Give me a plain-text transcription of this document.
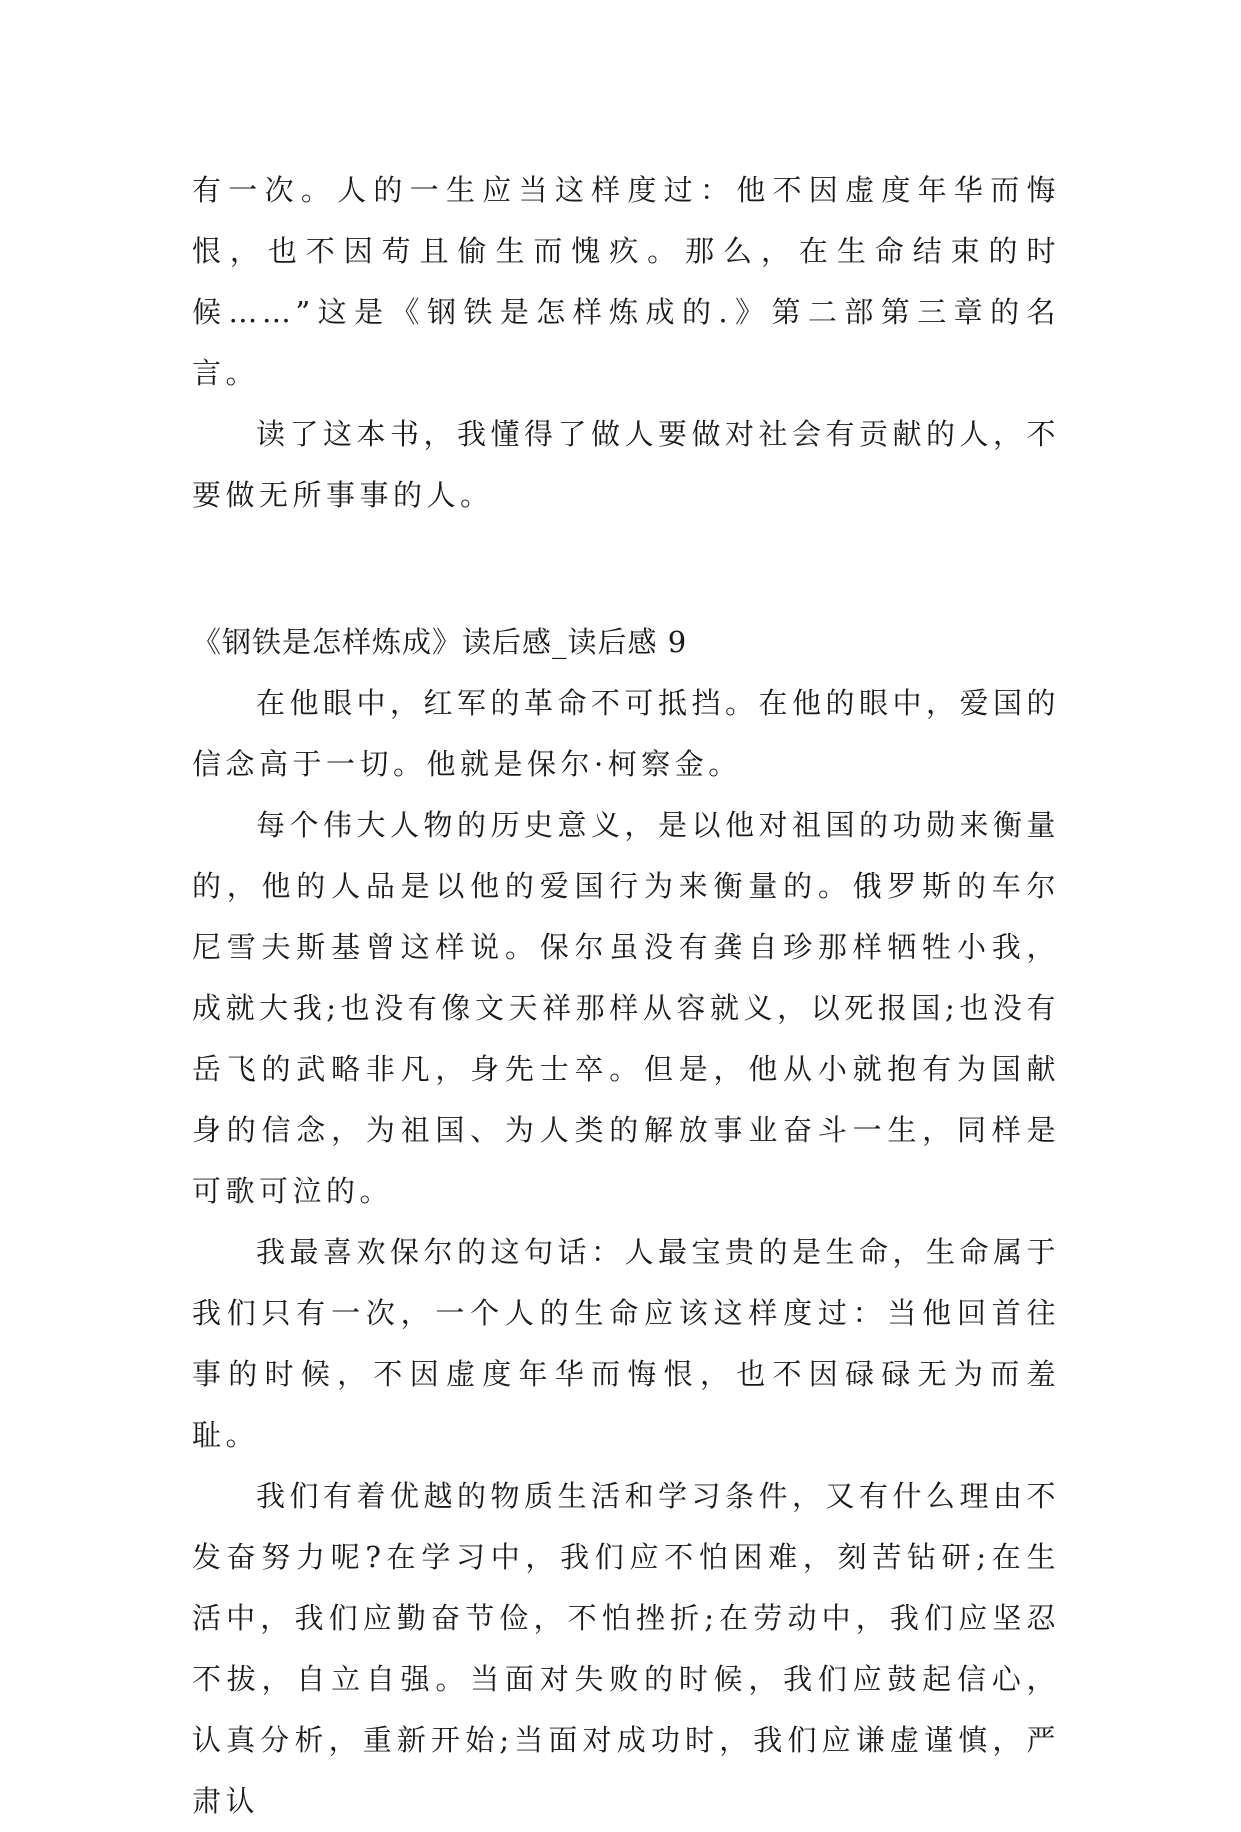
有一次。人的一生应当这样度过：他不因虚度年华而悔恨，也不因苟且偷生而愧疚。那么，在生命结束的时候……”这是《钢铁是怎样炼成的.》第二部第三章的名言。

读了这本书，我懂得了做人要做对社会有贡献的人，不要做无所事事的人。

《钢铁是怎样炼成》读后感_读后感 9

在他眼中，红军的革命不可抵挡。在他的眼中，爱国的信念高于一切。他就是保尔·柯察金。

每个伟大人物的历史意义，是以他对祖国的功勋来衡量的，他的人品是以他的爱国行为来衡量的。俄罗斯的车尔尼雪夫斯基曾这样说。保尔虽没有龚自珍那样牺牲小我，成就大我;也没有像文天祥那样从容就义，以死报国;也没有岳飞的武略非凡，身先士卒。但是，他从小就抱有为国献身的信念，为祖国、为人类的解放事业奋斗一生，同样是可歌可泣的。

我最喜欢保尔的这句话：人最宝贵的是生命，生命属于我们只有一次，一个人的生命应该这样度过：当他回首往事的时候，不因虚度年华而悔恨，也不因碌碌无为而羞耻。

我们有着优越的物质生活和学习条件，又有什么理由不发奋努力呢?在学习中，我们应不怕困难，刻苦钻研;在生活中，我们应勤奋节俭，不怕挫折;在劳动中，我们应坚忍不拔，自立自强。当面对失败的时候，我们应鼓起信心，认真分析，重新开始;当面对成功时，我们应谦虚谨慎，严肃认
